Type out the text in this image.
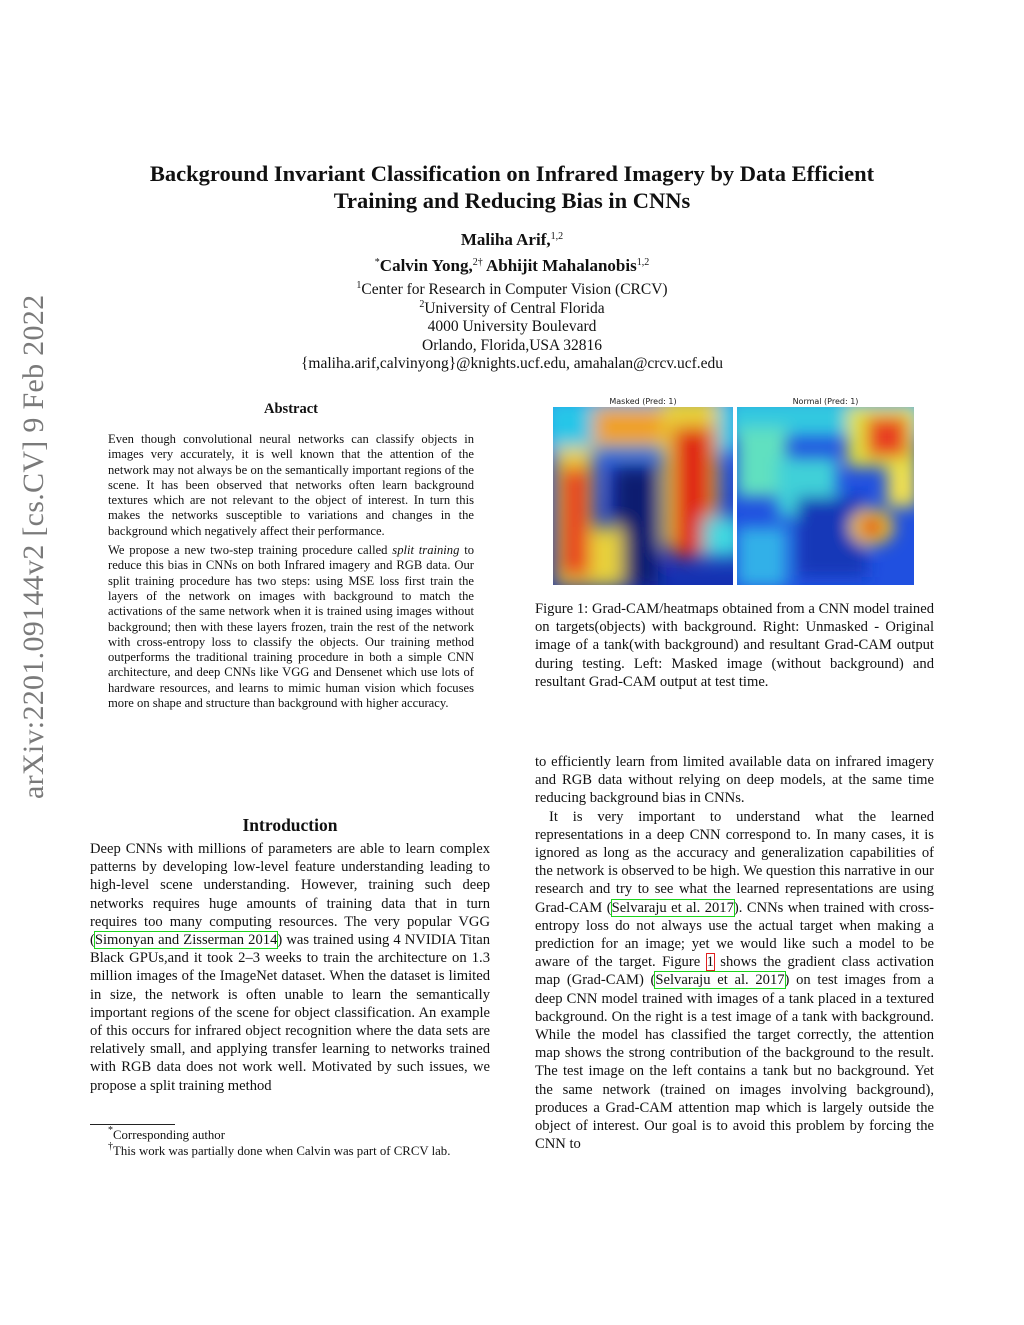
arXiv:2201.09144v2 [cs.CV] 9 Feb 2022
Background Invariant Classification on Infrared Imagery by Data Efficient
Training and Reducing Bias in CNNs
Maliha Arif,$^{1,2}$
*Calvin Yong,$^{2\dagger}$ Abhijit Mahalanobis$^{1,2}$
$^1$Center for Research in Computer Vision (CRCV)
$^2$University of Central Florida
4000 University Boulevard
Orlando, Florida,USA 32816
{maliha.arif,calvinyong}@knights.ucf.edu, amahalan@crcv.ucf.edu
Abstract

Even though convolutional neural networks can classify objects in images very accurately, it is well known that the attention of the network may not always be on the semantically important regions of the scene. It has been observed that networks often learn background textures which are not relevant to the object of interest. In turn this makes the networks susceptible to variations and changes in the background which negatively affect their performance.

We propose a new two-step training procedure called split training to reduce this bias in CNNs on both Infrared imagery and RGB data. Our split training procedure has two steps: using MSE loss first train the layers of the network on images with background to match the activations of the same network when it is trained using images without background; then with these layers frozen, train the rest of the network with cross-entropy loss to classify the objects. Our training method outperforms the traditional training procedure in both a simple CNN architecture, and deep CNNs like VGG and Densenet which use lots of hardware resources, and learns to mimic human vision which focuses more on shape and structure than background with higher accuracy.

Introduction

Deep CNNs with millions of parameters are able to learn complex patterns by developing low-level feature understanding leading to high-level scene understanding. However, training such deep networks requires huge amounts of training data that in turn requires too many computing resources. The very popular VGG (Simonyan and Zisserman 2014) was trained using 4 NVIDIA Titan Black GPUs,and it took 2–3 weeks to train the architecture on 1.3 million images of the ImageNet dataset. When the dataset is limited in size, the network is often unable to learn the semantically important regions of the scene for object classification. An example of this occurs for infrared object recognition where the data sets are relatively small, and applying transfer learning to networks trained with RGB data does not work well. Motivated by such issues, we propose a split training method

*Corresponding author
†This work was partially done when Calvin was part of CRCV lab.
Masked (Pred: 1)	Normal (Pred: 1)
Figure 1: Grad-CAM/heatmaps obtained from a CNN model trained on targets(objects) with background. Right: Unmasked - Original image of a tank(with background) and resultant Grad-CAM output during testing. Left: Masked image (without background) and resultant Grad-CAM output at test time.

to efficiently learn from limited available data on infrared imagery and RGB data without relying on deep models, at the same time reducing background bias in CNNs.

It is very important to understand what the learned representations in a deep CNN correspond to. In many cases, it is ignored as long as the accuracy and generalization capabilities of the network is observed to be high. We question this narrative in our research and try to see what the learned representations are using Grad-CAM (Selvaraju et al. 2017). CNNs when trained with cross-entropy loss do not always use the actual target when making a prediction for an image; yet we would like such a model to be aware of the target. Figure 1 shows the gradient class activation map (Grad-CAM) (Selvaraju et al. 2017) on test images from a deep CNN model trained with images of a tank placed in a textured background. On the right is a test image of a tank with background. While the model has classified the target correctly, the attention map shows the strong contribution of the background to the result. The test image on the left contains a tank but no background. Yet the same network (trained on images involving background), produces a Grad-CAM attention map which is largely outside the object of interest. Our goal is to avoid this problem by forcing the CNN to
